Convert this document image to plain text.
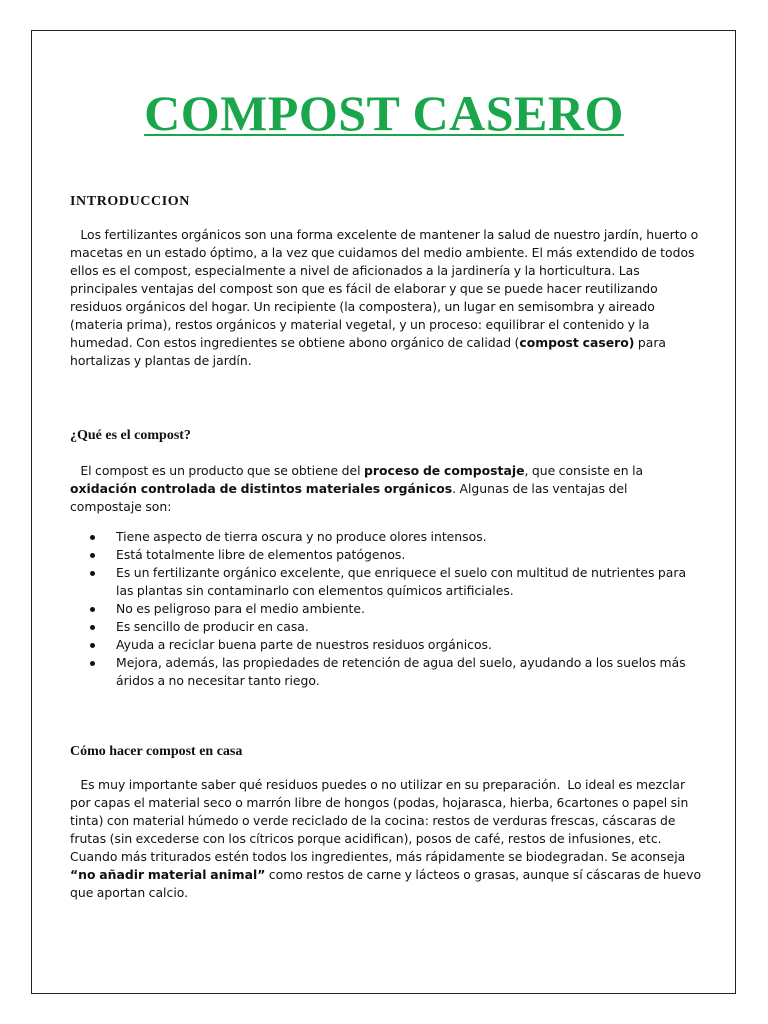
COMPOST CASERO
INTRODUCCION

Los fertilizantes orgánicos son una forma excelente de mantener la salud de nuestro jardín, huerto o macetas en un estado óptimo, a la vez que cuidamos del medio ambiente. El más extendido de todos ellos es el compost, especialmente a nivel de aficionados a la jardinería y la horticultura. Las principales ventajas del compost son que es fácil de elaborar y que se puede hacer reutilizando residuos orgánicos del hogar. Un recipiente (la compostera), un lugar en semisombra y aireado (materia prima), restos orgánicos y material vegetal, y un proceso: equilibrar el contenido y la humedad. Con estos ingredientes se obtiene abono orgánico de calidad (compost casero) para hortalizas y plantas de jardín.

¿Qué es el compost?

El compost es un producto que se obtiene del proceso de compostaje, que consiste en la oxidación controlada de distintos materiales orgánicos. Algunas de las ventajas del compostaje son:

Tiene aspecto de tierra oscura y no produce olores intensos.
Está totalmente libre de elementos patógenos.
Es un fertilizante orgánico excelente, que enriquece el suelo con multitud de nutrientes para las plantas sin contaminarlo con elementos químicos artificiales.
No es peligroso para el medio ambiente.
Es sencillo de producir en casa.
Ayuda a reciclar buena parte de nuestros residuos orgánicos.
Mejora, además, las propiedades de retención de agua del suelo, ayudando a los suelos más áridos a no necesitar tanto riego.
Cómo hacer compost en casa

Es muy importante saber qué residuos puedes o no utilizar en su preparación.  Lo ideal es mezclar por capas el material seco o marrón libre de hongos (podas, hojarasca, hierba, 6cartones o papel sin tinta) con material húmedo o verde reciclado de la cocina: restos de verduras frescas, cáscaras de frutas (sin excederse con los cítricos porque acidifican), posos de café, restos de infusiones, etc. Cuando más triturados estén todos los ingredientes, más rápidamente se biodegradan. Se aconseja “no añadir material animal” como restos de carne y lácteos o grasas, aunque sí cáscaras de huevo que aportan calcio.
